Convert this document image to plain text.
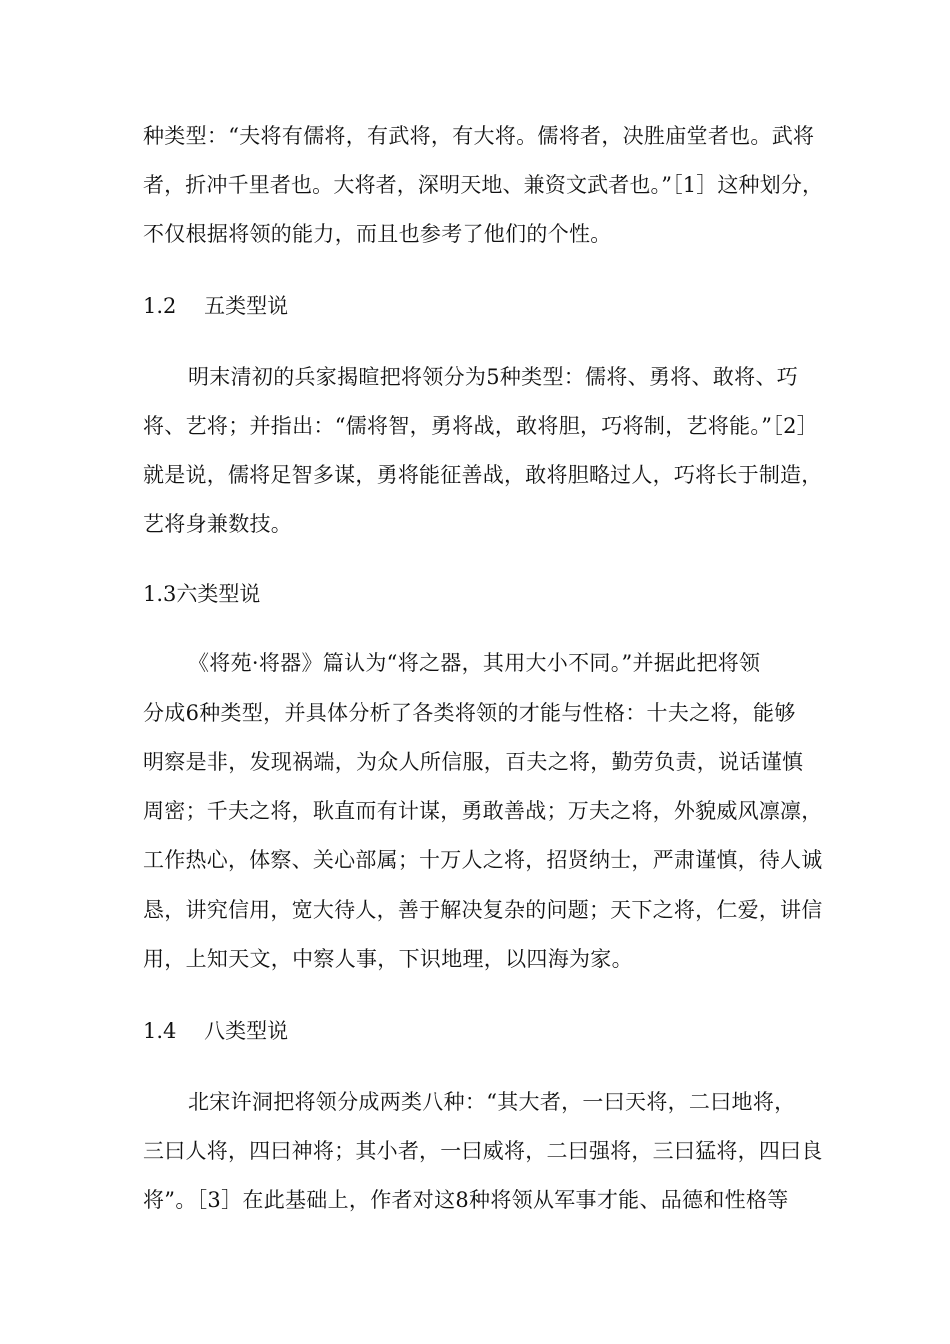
种类型：“夫将有儒将，有武将，有大将。儒将者，决胜庙堂者也。武将
者，折冲千里者也。大将者，深明天地、兼资文武者也。”［1］这种划分，
不仅根据将领的能力，而且也参考了他们的个性。
1.2　 五类型说
明末清初的兵家揭暄把将领分为5种类型：儒将、勇将、敢将、巧
将、艺将；并指出：“儒将智，勇将战，敢将胆，巧将制，艺将能。”［2］
就是说，儒将足智多谋，勇将能征善战，敢将胆略过人，巧将长于制造，
艺将身兼数技。
1.3六类型说
《将苑·将器》篇认为“将之器，其用大小不同。”并据此把将领
分成6种类型，并具体分析了各类将领的才能与性格：十夫之将，能够
明察是非，发现祸端，为众人所信服，百夫之将，勤劳负责，说话谨慎
周密；千夫之将，耿直而有计谋，勇敢善战；万夫之将，外貌威风凛凛，
工作热心，体察、关心部属；十万人之将，招贤纳士，严肃谨慎，待人诚
恳，讲究信用，宽大待人，善于解决复杂的问题；天下之将，仁爱，讲信
用，上知天文，中察人事，下识地理，以四海为家。
1.4　 八类型说
北宋许洞把将领分成两类八种：“其大者，一曰天将，二曰地将，
三曰人将，四曰神将；其小者，一曰威将，二曰强将，三曰猛将，四曰良
将”。［3］在此基础上，作者对这8种将领从军事才能、品德和性格等
